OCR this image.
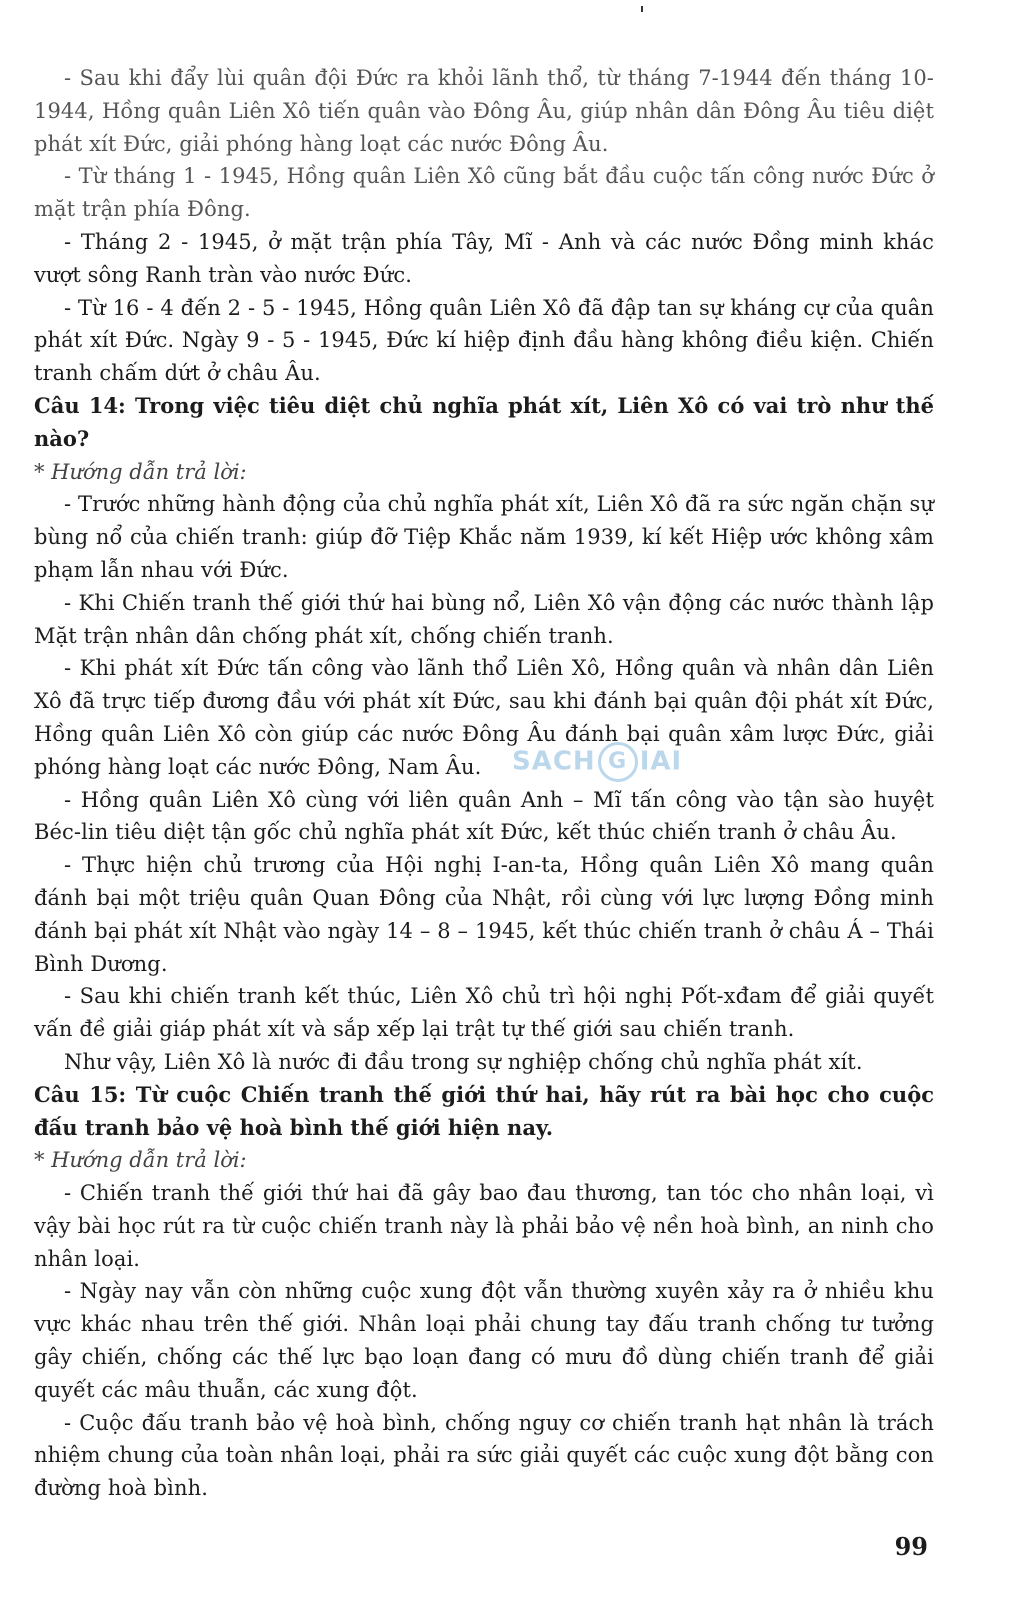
- Sau khi đẩy lùi quân đội Đức ra khỏi lãnh thổ, từ tháng 7-1944 đến tháng 10-1944, Hồng quân Liên Xô tiến quân vào Đông Âu, giúp nhân dân Đông Âu tiêu diệt phát xít Đức, giải phóng hàng loạt các nước Đông Âu.

- Từ tháng 1 - 1945, Hồng quân Liên Xô cũng bắt đầu cuộc tấn công nước Đức ở mặt trận phía Đông.

- Tháng 2 - 1945, ở mặt trận phía Tây, Mĩ - Anh và các nước Đồng minh khác vượt sông Ranh tràn vào nước Đức.

- Từ 16 - 4 đến 2 - 5 - 1945, Hồng quân Liên Xô đã đập tan sự kháng cự của quân phát xít Đức. Ngày 9 - 5 - 1945, Đức kí hiệp định đầu hàng không điều kiện. Chiến tranh chấm dứt ở châu Âu.

Câu 14: Trong việc tiêu diệt chủ nghĩa phát xít, Liên Xô có vai trò như thế nào?

* Hướng dẫn trả lời:

- Trước những hành động của chủ nghĩa phát xít, Liên Xô đã ra sức ngăn chặn sự bùng nổ của chiến tranh: giúp đỡ Tiệp Khắc năm 1939, kí kết Hiệp ước không xâm phạm lẫn nhau với Đức.

- Khi Chiến tranh thế giới thứ hai bùng nổ, Liên Xô vận động các nước thành lập Mặt trận nhân dân chống phát xít, chống chiến tranh.

- Khi phát xít Đức tấn công vào lãnh thổ Liên Xô, Hồng quân và nhân dân Liên Xô đã trực tiếp đương đầu với phát xít Đức, sau khi đánh bại quân đội phát xít Đức, Hồng quân Liên Xô còn giúp các nước Đông Âu đánh bại quân xâm lược Đức, giải phóng hàng loạt các nước Đông, Nam Âu.

- Hồng quân Liên Xô cùng với liên quân Anh – Mĩ tấn công vào tận sào huyệt Béc-lin tiêu diệt tận gốc chủ nghĩa phát xít Đức, kết thúc chiến tranh ở châu Âu.

- Thực hiện chủ trương của Hội nghị I-an-ta, Hồng quân Liên Xô mang quân đánh bại một triệu quân Quan Đông của Nhật, rồi cùng với lực lượng Đồng minh đánh bại phát xít Nhật vào ngày 14 – 8 – 1945, kết thúc chiến tranh ở châu Á – Thái Bình Dương.

- Sau khi chiến tranh kết thúc, Liên Xô chủ trì hội nghị Pốt-xđam để giải quyết vấn đề giải giáp phát xít và sắp xếp lại trật tự thế giới sau chiến tranh.

Như vậy, Liên Xô là nước đi đầu trong sự nghiệp chống chủ nghĩa phát xít.

Câu 15: Từ cuộc Chiến tranh thế giới thứ hai, hãy rút ra bài học cho cuộc đấu tranh bảo vệ hoà bình thế giới hiện nay.

* Hướng dẫn trả lời:

- Chiến tranh thế giới thứ hai đã gây bao đau thương, tan tóc cho nhân loại, vì vậy bài học rút ra từ cuộc chiến tranh này là phải bảo vệ nền hoà bình, an ninh cho nhân loại.

- Ngày nay vẫn còn những cuộc xung đột vẫn thường xuyên xảy ra ở nhiều khu vực khác nhau trên thế giới. Nhân loại phải chung tay đấu tranh chống tư tưởng gây chiến, chống các thế lực bạo loạn đang có mưu đồ dùng chiến tranh để giải quyết các mâu thuẫn, các xung đột.

- Cuộc đấu tranh bảo vệ hoà bình, chống nguy cơ chiến tranh hạt nhân là trách nhiệm chung của toàn nhân loại, phải ra sức giải quyết các cuộc xung đột bằng con đường hoà bình.

SACH G IAI
99
